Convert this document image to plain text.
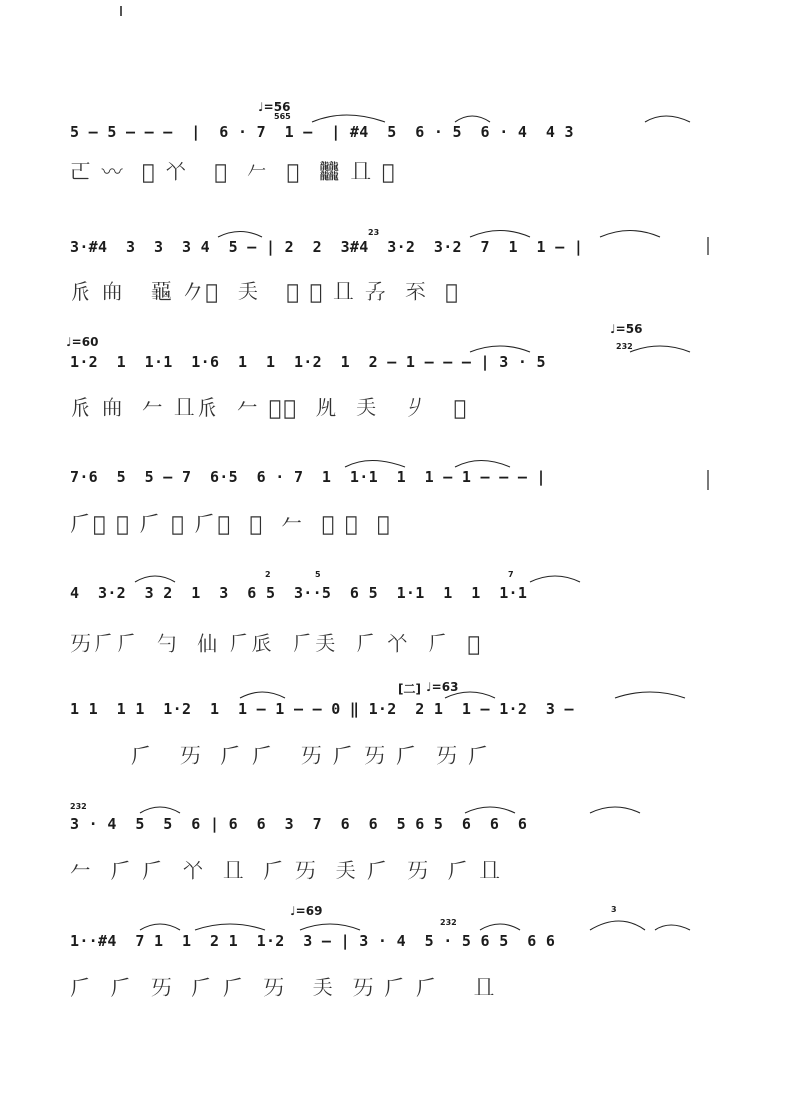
♩=56
565
5 — 5 — — —  |  6 · 7  1 —  | #4  5  6 · 5  6 · 4  4 3
𠀀 〰  𪟂 𠁥   𪛅  𠂉  𢪆  𪚥 𠀃 𪜈
23
3·#4  3  3  3 4  5 — | 2  2  3#4  3·2  3·2  7  1  1 — |
𠂢 𠂥   𪚦 𠂊𪞍  𠂕   𠃨 𠀎 𠀃 𠄕  𠀚  𠂗
♩=60
♩=56
232
1·2  1  1·1  1·6  1  1  1·2  1  2 — 1 — — — | 3 · 5
𠂢 𠂥  𠂉 𠀃𠂢  𠂉 𠃆𠀯  𠃕  𠂕   𠂈   𠁘
7·6  5  5 — 7  6·5  6 · 7  1  1·1  1  1 — 1 — — — |
𠂆𠀆 𠀅 𠂆 𠀅 𠂆𠀆  𠀅  𠂉  𠁥 𠀃  𠀘
2	5	7
4  3·2  3 2  1  3  6 5  3··5  6 5  1·1  1  1  1·1
𠀅𠂆𠂆  勺  仙 𠂆𠂢  𠂆𠂕  𠂆 𠁥  𠂆  𠂗
[二] ♩=63
1 1  1 1  1·2  1  1 — 1 — — 0 ‖ 1·2  2 1  1 — 1·2  3 —
𠂆   𠀅  𠂆 𠂆   𠀅 𠂆 𠀅 𠂆  𠀅 𠂆
232
3 · 4  5  5  6 | 6  6  3  7  6  6  5 6 5  6  6  6
𠂉  𠂆 𠂆  𠁥  𠀃  𠂆 𠀅  𠂕 𠂆  𠀅  𠂆 𠀃
♩=69
232
3
1··#4  7 1  1  2 1  1·2  3 — | 3 · 4  5 · 5 6 5  6 6
𠂆  𠂆  𠀅  𠂆 𠂆  𠀅   𠂕  𠀅 𠂆 𠂆    𠀃
